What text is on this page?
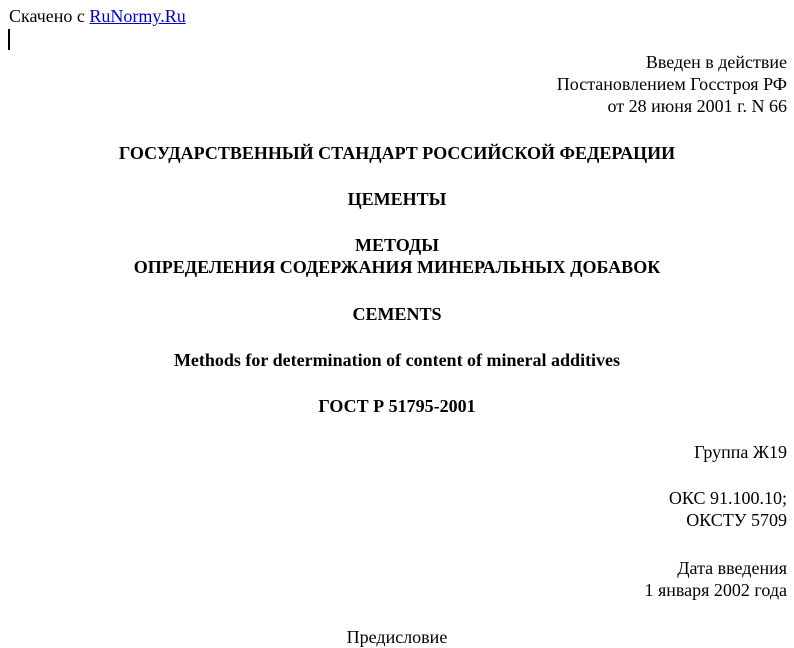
Скачено с RuNormy.Ru
Введен в действие
Постановлением Госстроя РФ
от 28 июня 2001 г. N 66
ГОСУДАРСТВЕННЫЙ СТАНДАРТ РОССИЙСКОЙ ФЕДЕРАЦИИ
ЦЕМЕНТЫ
МЕТОДЫ
ОПРЕДЕЛЕНИЯ СОДЕРЖАНИЯ МИНЕРАЛЬНЫХ ДОБАВОК
CEMENTS
Methods for determination of content of mineral additives
ГОСТ Р 51795-2001
Группа Ж19
ОКС 91.100.10;
ОКСТУ 5709
Дата введения
1 января 2002 года
Предисловие
